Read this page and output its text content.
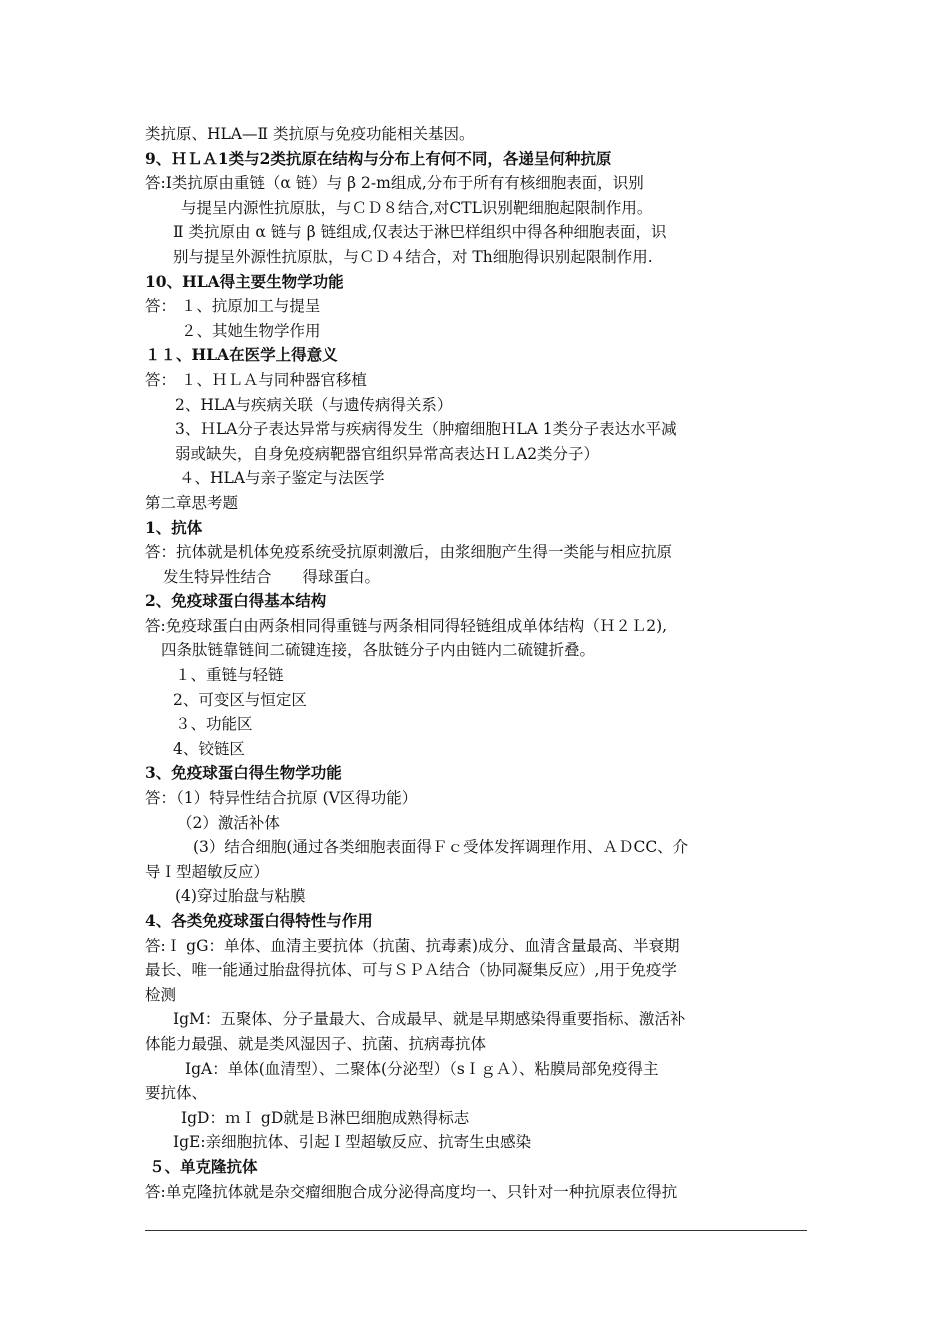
类抗原、HLA—Ⅱ 类抗原与免疫功能相关基因。
9、ＨＬＡ1类与2类抗原在结构与分布上有何不同，各递呈何种抗原
答:Ⅰ类抗原由重链（α 链）与 β 2-m组成,分布于所有有核细胞表面，识别
与提呈内源性抗原肽，与ＣＤ８结合,对CTL识别靶细胞起限制作用。
Ⅱ 类抗原由 α 链与 β 链组成,仅表达于淋巴样组织中得各种细胞表面，识
别与提呈外源性抗原肽，与ＣＤ４结合，对 Th细胞得识别起限制作用.
10、HLA得主要生物学功能
答： １、抗原加工与提呈
２、其她生物学作用
１１、HLA在医学上得意义
答： １、ＨＬＡ与同种器官移植
2、HLA与疾病关联（与遗传病得关系）
3、ＨLA分子表达异常与疾病得发生（肿瘤细胞ＨLA 1类分子表达水平减
弱或缺失，自身免疫病靶器官组织异常高表达ＨＬA2类分子）
４、HLA与亲子鉴定与法医学
第二章思考题
1、抗体
答：抗体就是机体免疫系统受抗原刺激后，由浆细胞产生得一类能与相应抗原
发生特异性结合　　得球蛋白。
2、免疫球蛋白得基本结构
答:免疫球蛋白由两条相同得重链与两条相同得轻链组成单体结构（Ｈ２Ｌ2),
四条肽链靠链间二硫键连接，各肽链分子内由链内二硫键折叠。
１、重链与轻链
2、可变区与恒定区
３、功能区
4、铰链区
3、免疫球蛋白得生物学功能
答：（1）特异性结合抗原 (V区得功能）
（2）激活补体
(3）结合细胞(通过各类细胞表面得Ｆｃ受体发挥调理作用、ＡＤCC、介
导Ｉ型超敏反应）
(4)穿过胎盘与粘膜
4、各类免疫球蛋白得特性与作用
答:Ｉ gG：单体、血清主要抗体（抗菌、抗毒素)成分、血清含量最高、半衰期
最长、唯一能通过胎盘得抗体、可与ＳＰＡ结合（协同凝集反应）,用于免疫学
检测
IgM：五聚体、分子量最大、合成最早、就是早期感染得重要指标、激活补
体能力最强、就是类风湿因子、抗菌、抗病毒抗体
IgA：单体(血清型）、二聚体(分泌型）（sＩｇＡ）、粘膜局部免疫得主
要抗体、
IgD：ｍＩ gD就是Ｂ淋巴细胞成熟得标志
IgE:亲细胞抗体、引起Ｉ型超敏反应、抗寄生虫感染
５、单克隆抗体
答:单克隆抗体就是杂交瘤细胞合成分泌得高度均一、只针对一种抗原表位得抗
